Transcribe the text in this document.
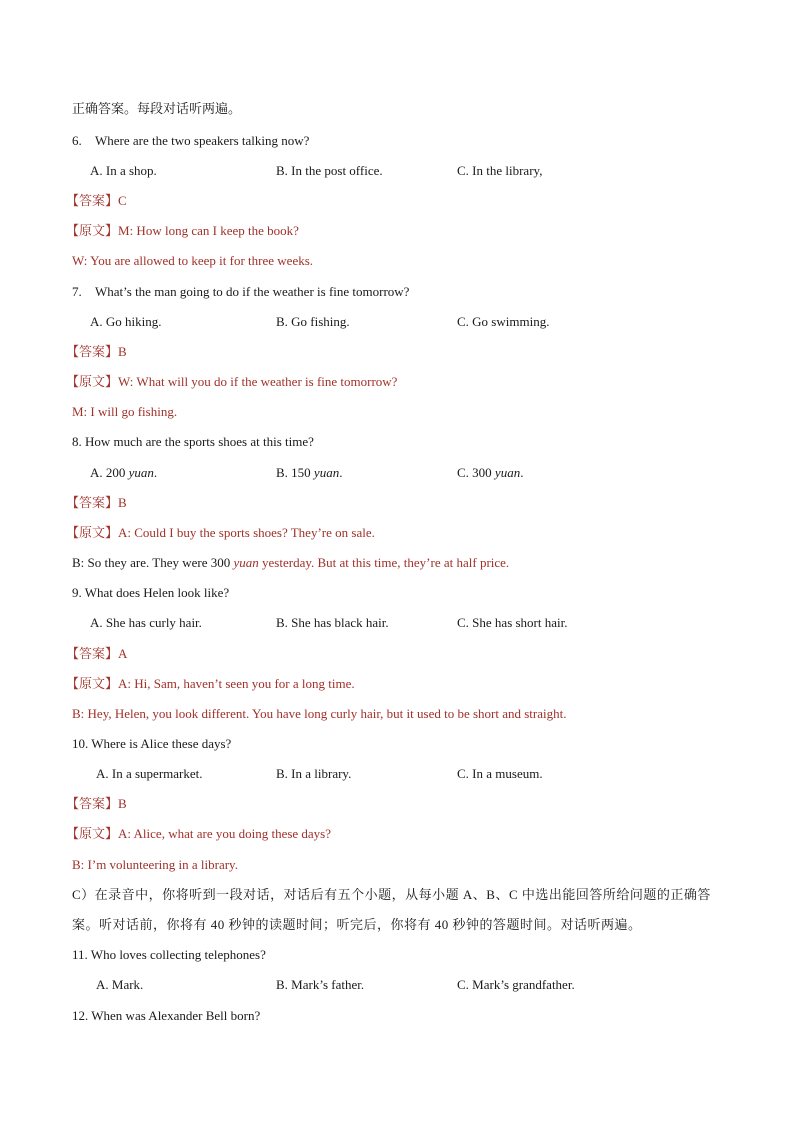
正确答案。每段对话听两遍。
6. Where are the two speakers talking now?
A. In a shop.	B. In the post office.	C. In the library,
【答案】C
【原文】M: How long can I keep the book?
W: You are allowed to keep it for three weeks.
7. What’s the man going to do if the weather is fine tomorrow?
A. Go hiking.	B. Go fishing.	C. Go swimming.
【答案】B
【原文】W: What will you do if the weather is fine tomorrow?
M: I will go fishing.
8. How much are the sports shoes at this time?
A. 200 yuan.	B. 150 yuan.	C. 300 yuan.
【答案】B
【原文】A: Could I buy the sports shoes? They’re on sale.
B: So they are. They were 300 yuan yesterday. But at this time, they’re at half price.
9. What does Helen look like?
A. She has curly hair.	B. She has black hair.	C. She has short hair.
【答案】A
【原文】A: Hi, Sam, haven’t seen you for a long time.
B: Hey, Helen, you look different. You have long curly hair, but it used to be short and straight.
10. Where is Alice these days?
A. In a supermarket.	B. In a library.	C. In a museum.
【答案】B
【原文】A: Alice, what are you doing these days?
B: I’m volunteering in a library.
C）在录音中，你将听到一段对话，对话后有五个小题，从每小题 A、B、C 中选出能回答所给问题的正确答案。听对话前，你将有 40 秒钟的读题时间；听完后，你将有 40 秒钟的答题时间。对话听两遍。
11. Who loves collecting telephones?
A. Mark.	B. Mark’s father.	C. Mark’s grandfather.
12. When was Alexander Bell born?
